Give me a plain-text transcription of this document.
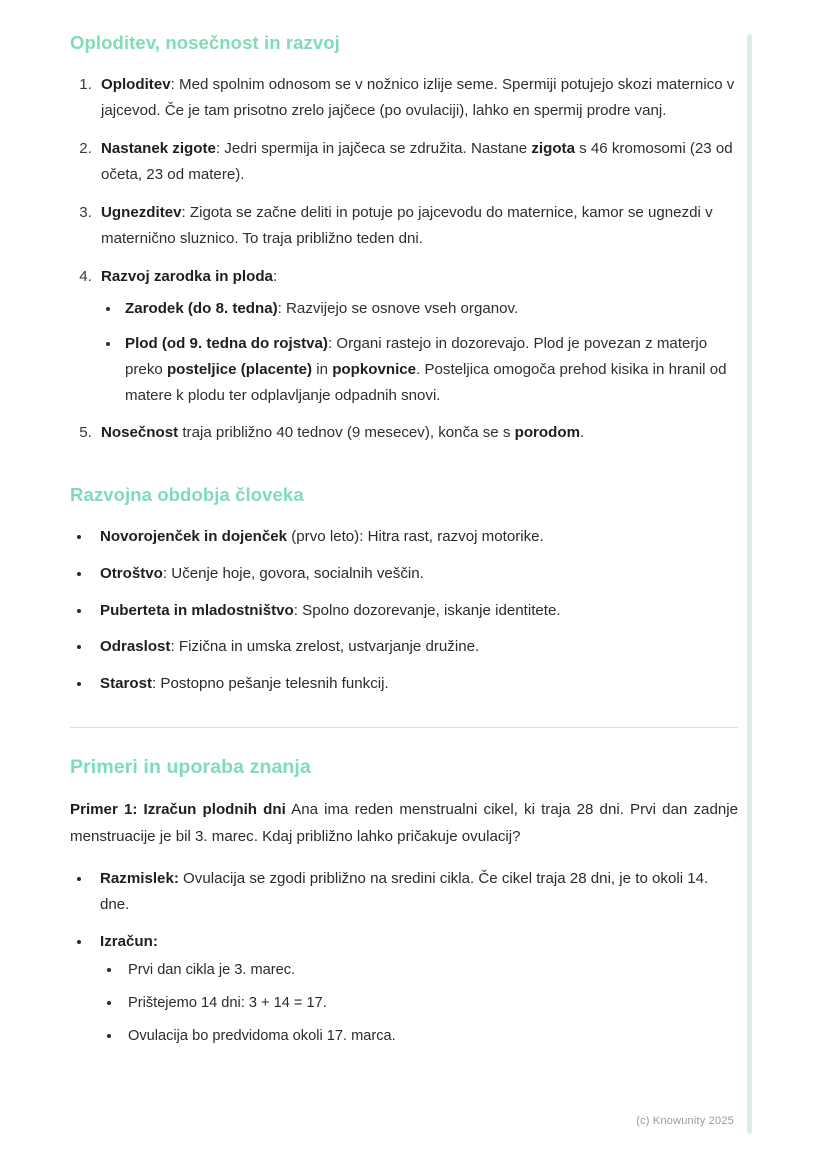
Oploditev, nosečnost in razvoj
1. Oploditev: Med spolnim odnosom se v nožnico izlije seme. Spermiji potujejo skozi maternico v jajcevod. Če je tam prisotno zrelo jajčece (po ovulaciji), lahko en spermij prodre vanj.
2. Nastanek zigote: Jedri spermija in jajčeca se združita. Nastane zigota s 46 kromosomi (23 od očeta, 23 od matere).
3. Ugnezditev: Zigota se začne deliti in potuje po jajcevodu do maternice, kamor se ugnezdi v maternično sluznico. To traja približno teden dni.
4. Razvoj zarodka in ploda:
• Zarodek (do 8. tedna): Razvijejo se osnove vseh organov.
• Plod (od 9. tedna do rojstva): Organi rastejo in dozorevajo. Plod je povezan z materjo preko posteljice (placente) in popkovnice. Posteljica omogoča prehod kisika in hranil od matere k plodu ter odplavljanje odpadnih snovi.
5. Nosečnost traja približno 40 tednov (9 mesecev), konča se s porodom.
Razvojna obdobja človeka
• Novorojenček in dojenček (prvo leto): Hitra rast, razvoj motorike.
• Otroštvo: Učenje hoje, govora, socialnih veščin.
• Puberteta in mladostništvo: Spolno dozorevanje, iskanje identitete.
• Odraslost: Fizična in umska zrelost, ustvarjanje družine.
• Starost: Postopno pešanje telesnih funkcij.
Primeri in uporaba znanja

Primer 1: Izračun plodnih dni Ana ima reden menstrualni cikel, ki traja 28 dni. Prvi dan zadnje menstruacije je bil 3. marec. Kdaj približno lahko pričakuje ovulacij?

• Razmislek: Ovulacija se zgodi približno na sredini cikla. Če cikel traja 28 dni, je to okoli 14. dne.
• Izračun:
• Prvi dan cikla je 3. marec.
• Prištejemo 14 dni: 3 + 14 = 17.
• Ovulacija bo predvidoma okoli 17. marca.
(c) Knowunity 2025
